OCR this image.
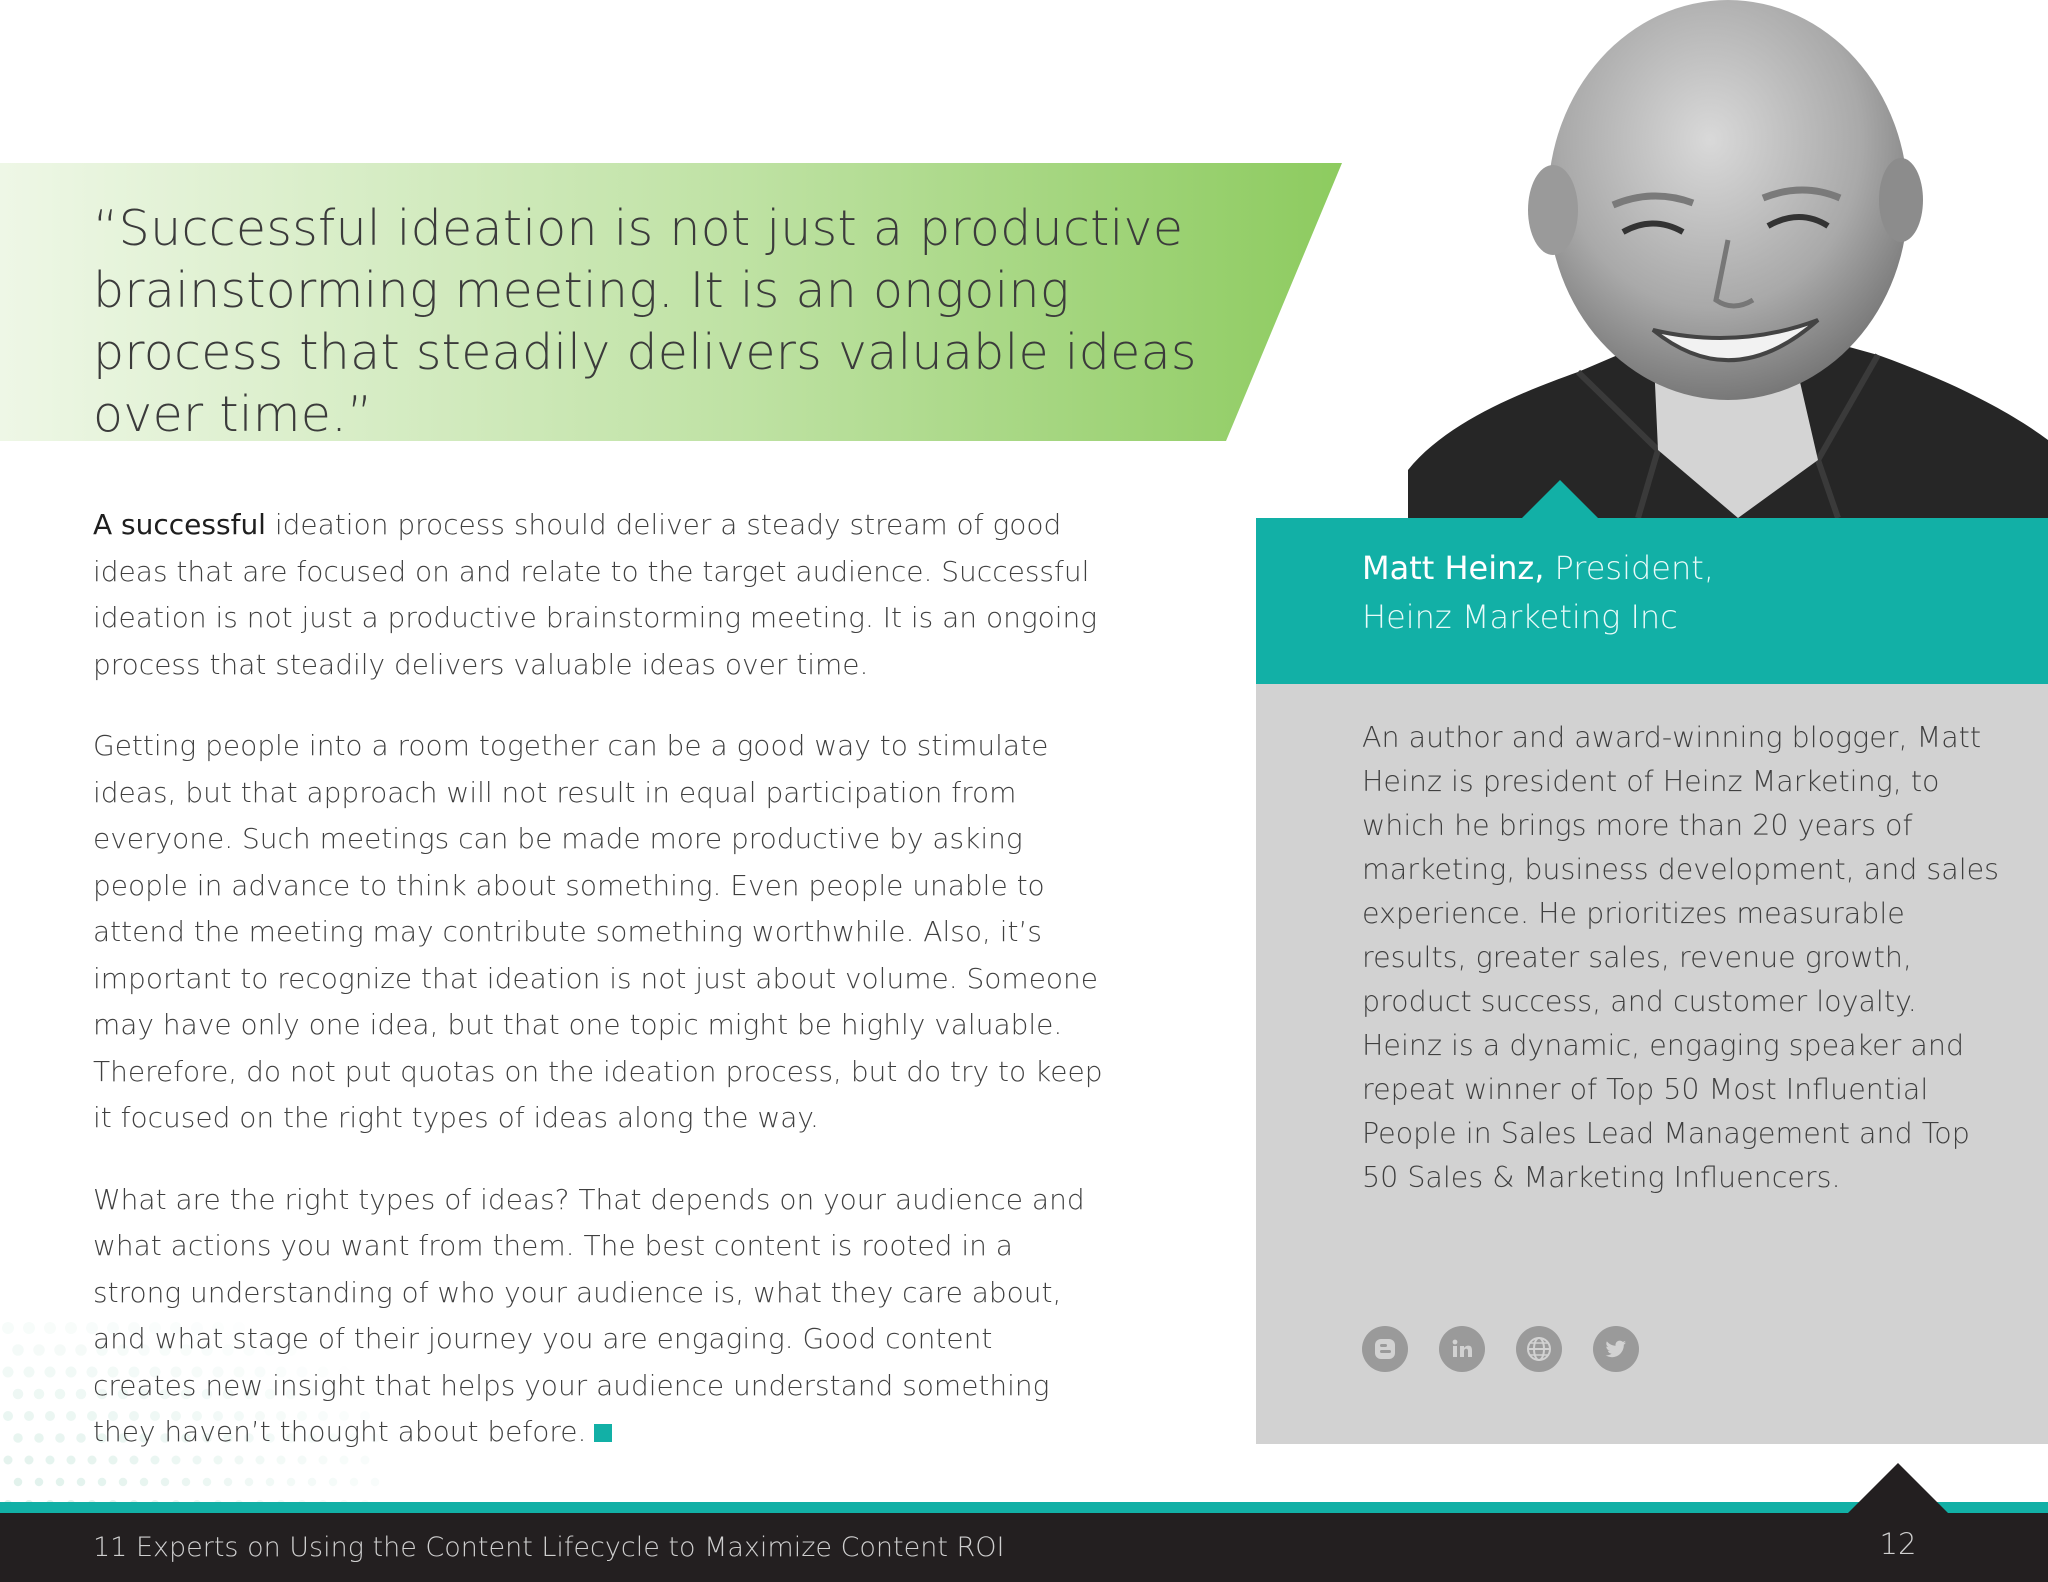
“Successful ideation is not just a productive brainstorming meeting. It is an ongoing process that steadily delivers valuable ideas over time.”

A successful ideation process should deliver a steady stream of good ideas that are focused on and relate to the target audience. Successful ideation is not just a productive brainstorming meeting. It is an ongoing process that steadily delivers valuable ideas over time.

Getting people into a room together can be a good way to stimulate ideas, but that approach will not result in equal participation from everyone. Such meetings can be made more productive by asking people in advance to think about something. Even people unable to attend the meeting may contribute something worthwhile. Also, it’s important to recognize that ideation is not just about volume. Someone may have only one idea, but that one topic might be highly valuable. Therefore, do not put quotas on the ideation process, but do try to keep it focused on the right types of ideas along the way.

What are the right types of ideas? That depends on your audience and what actions you want from them. The best content is rooted in a strong understanding of who your audience is, what they care about, and what stage of their journey you are engaging. Good content creates new insight that helps your audience understand something they haven’t thought about before.

Matt Heinz, President,
Heinz Marketing Inc
An author and award-winning blogger, Matt Heinz is president of Heinz Marketing, to which he brings more than 20 years of marketing, business development, and sales experience. He prioritizes measurable results, greater sales, revenue growth, product success, and customer loyalty. Heinz is a dynamic, engaging speaker and repeat winner of Top 50 Most Influential People in Sales Lead Management and Top 50 Sales & Marketing Influencers.
11 Experts on Using the Content Lifecycle to Maximize Content ROI	12
